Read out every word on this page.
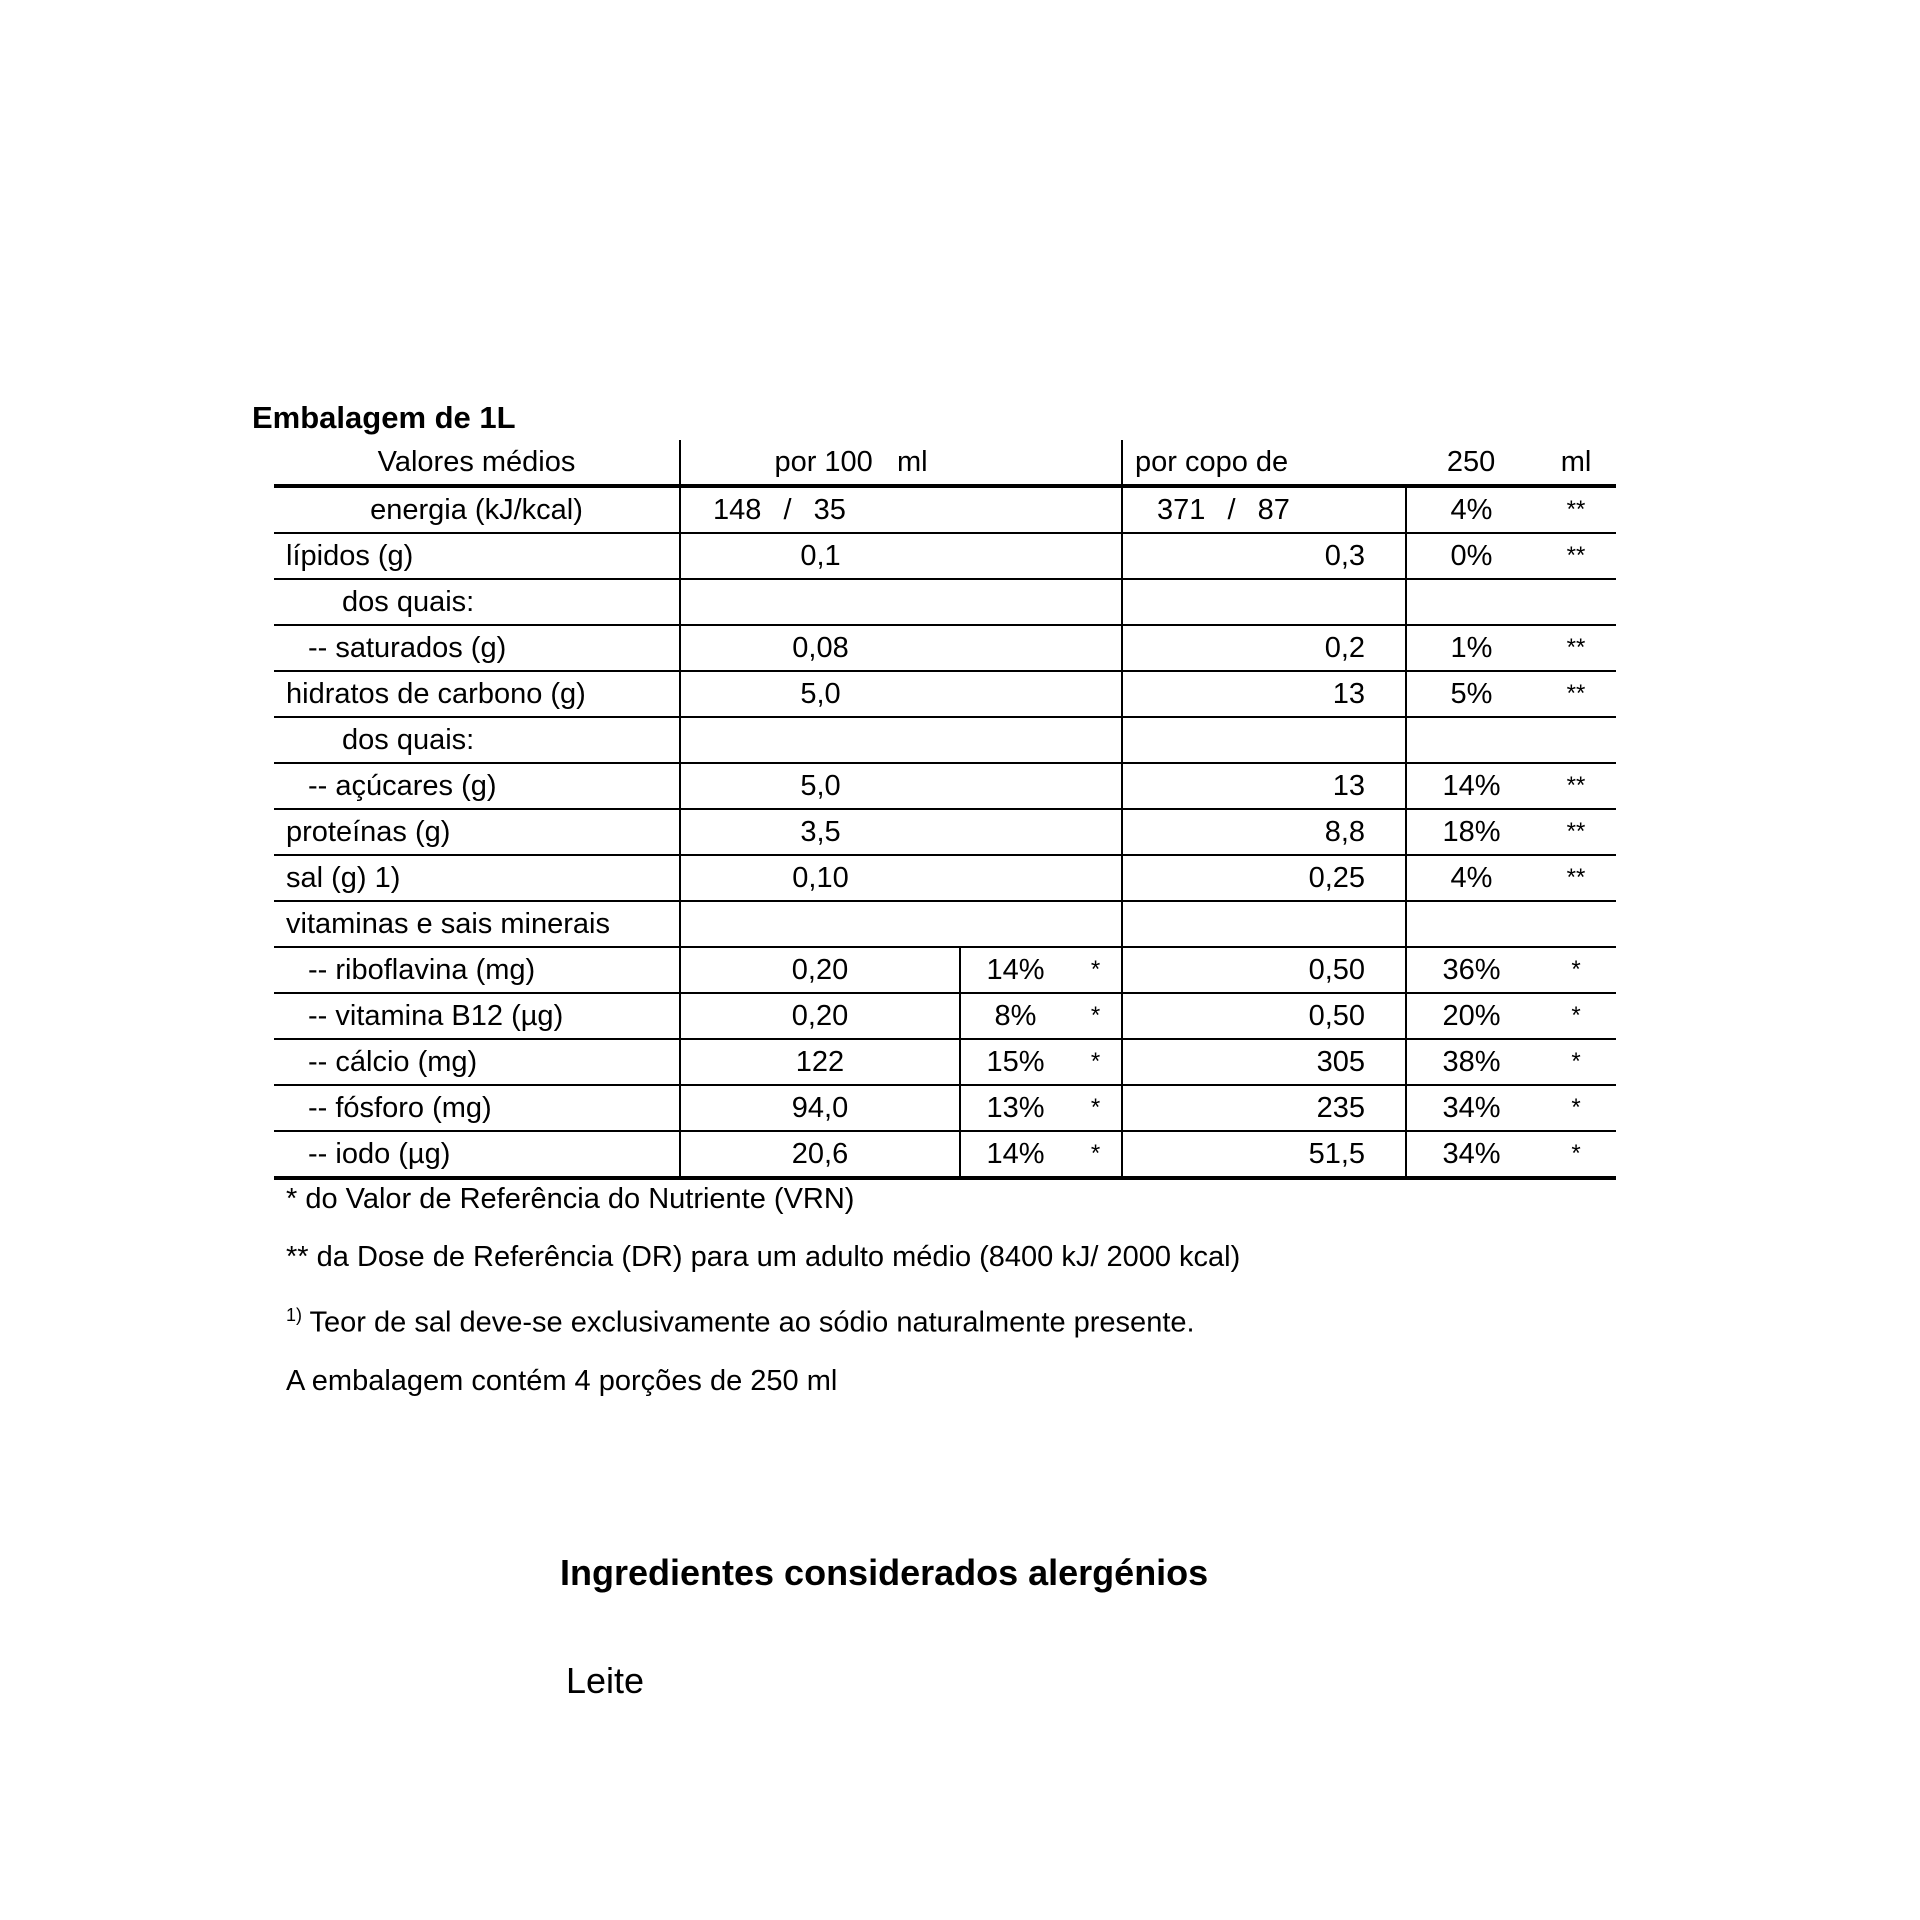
Embalagem de 1L
Valores médios	por 100   ml			por copo de	250	ml
energia (kJ/kcal)	148 / 35			371 / 87	4%	**
lípidos (g)	0,1			0,3	0%	**
dos quais:						
-- saturados (g)	0,08			0,2	1%	**
hidratos de carbono (g)	5,0			13	5%	**
dos quais:						
-- açúcares (g)	5,0			13	14%	**
proteínas (g)	3,5			8,8	18%	**
sal (g) 1)	0,10			0,25	4%	**
vitaminas e sais minerais						
-- riboflavina (mg)	0,20	14%	*	0,50	36%	*
-- vitamina B12 (µg)	0,20	8%	*	0,50	20%	*
-- cálcio (mg)	122	15%	*	305	38%	*
-- fósforo (mg)	94,0	13%	*	235	34%	*
-- iodo (µg)	20,6	14%	*	51,5	34%	*
* do Valor de Referência do Nutriente (VRN)
** da Dose de Referência (DR) para um adulto médio (8400 kJ/ 2000 kcal)
$^{1)}$ Teor de sal deve-se exclusivamente ao sódio naturalmente presente.
A embalagem contém 4 porções de 250 ml
Ingredientes considerados alergénios
Leite
